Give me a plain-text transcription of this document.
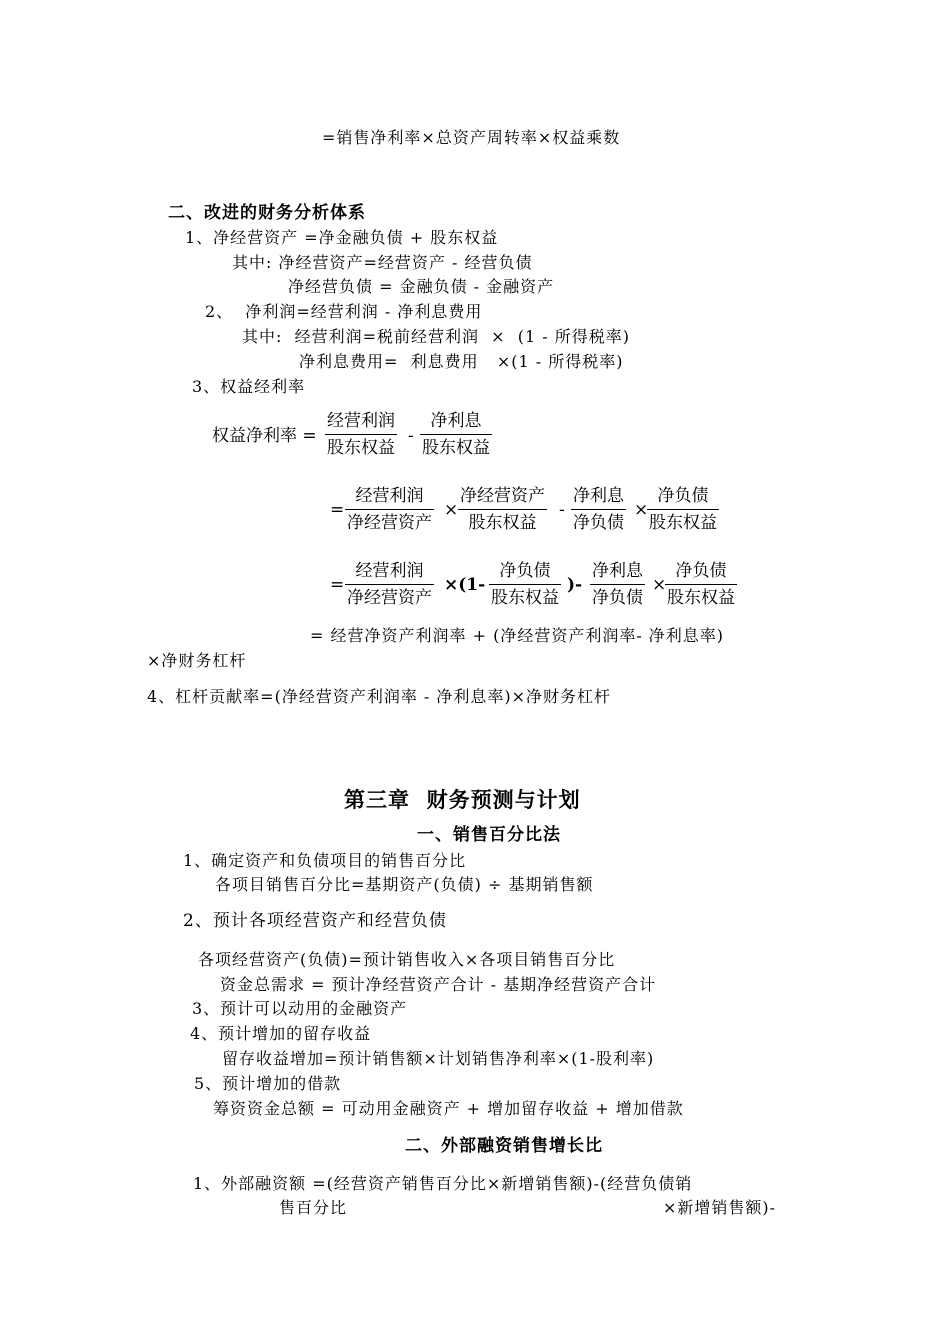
=销售净利率×总资产周转率×权益乘数
二、改进的财务分析体系
1、净经营资产 =净金融负债 + 股东权益
其中: 净经营资产=经营资产 - 经营负债
净经营负债 = 金融负债 - 金融资产
2、  净利润=经营利润 - 净利息费用
其中:  经营利润=税前经营利润  ×  (1 - 所得税率)
净利息费用=  利息费用   ×(1 - 所得税率)
3、权益经利率
权益净利率 =
经营利润
股东权益
-
净利息
股东权益
=
经营利润
净经营资产
×
净经营资产
股东权益
-
净利息
净负债
×
净负债
股东权益
=
经营利润
净经营资产
×(1-
净负债
股东权益
)-
净利息
净负债
×
净负债
股东权益
= 经营净资产利润率 + (净经营资产利润率- 净利息率)
×净财务杠杆
4、杠杆贡献率=(净经营资产利润率 - 净利息率)×净财务杠杆
第三章  财务预测与计划
一、销售百分比法
1、确定资产和负债项目的销售百分比
各项目销售百分比=基期资产(负债) ÷ 基期销售额
2、预计各项经营资产和经营负债
各项经营资产(负债)=预计销售收入×各项目销售百分比
资金总需求 = 预计净经营资产合计 - 基期净经营资产合计
3、预计可以动用的金融资产
4、预计增加的留存收益
留存收益增加=预计销售额×计划销售净利率×(1-股利率)
5、预计增加的借款
筹资资金总额 = 可动用金融资产 + 增加留存收益 + 增加借款
二、外部融资销售增长比
1、外部融资额 =(经营资产销售百分比×新增销售额)-(经营负债销
售百分比	×新增销售额)-
